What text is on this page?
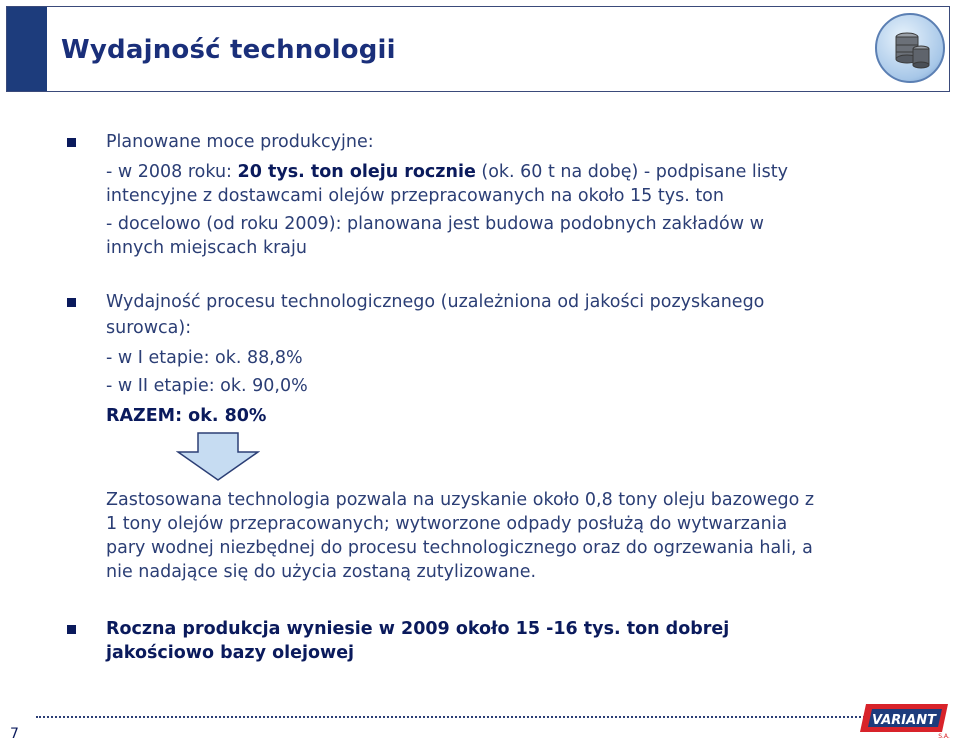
Wydajność technologii
Planowane moce produkcyjne:
- w 2008 roku: 20 tys. ton oleju rocznie (ok. 60 t na dobę) - podpisane listy
intencyjne z dostawcami olejów przepracowanych na około 15 tys. ton
- docelowo (od roku 2009): planowana jest budowa podobnych zakładów w
innych miejscach kraju
Wydajność procesu technologicznego (uzależniona od jakości pozyskanego
surowca):
- w I etapie: ok. 88,8%
- w II etapie: ok. 90,0%
RAZEM: ok. 80%
Zastosowana technologia pozwala na uzyskanie około 0,8 tony oleju bazowego z
1 tony olejów przepracowanych; wytworzone odpady posłużą do wytwarzania
pary wodnej niezbędnej do procesu technologicznego oraz do ogrzewania hali, a
nie nadające się do użycia zostaną zutylizowane.
Roczna produkcja wyniesie w 2009 około 15 -16 tys. ton dobrej
jakościowo bazy olejowej
7
VARIANT
S.A.
